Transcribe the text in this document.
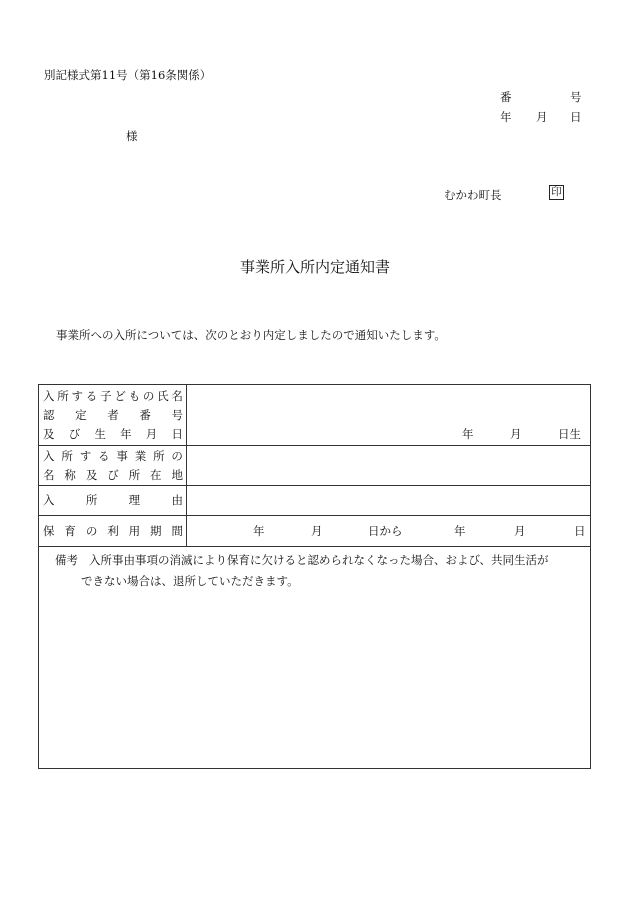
別記様式第11号（第16条関係）
番	号
年 月 日
様
むかわ町長	印
事業所入所内定通知書
事業所への入所については、次のとおり内定しましたので通知いたします。
入 所 す る 子 ど も の 氏 名
認 定 者 番 号
及 び 生 年 月 日	年	月	日生
入 所 す る 事 業 所 の
名 称 及 び 所 在 地
入	所	理	由
保 育 の 利 用 期 間	年	月	日から	年	月	日
備考 入所事由事項の消滅により保育に欠けると認められなくなった場合、および、共同生活が
できない場合は、退所していただきます。
